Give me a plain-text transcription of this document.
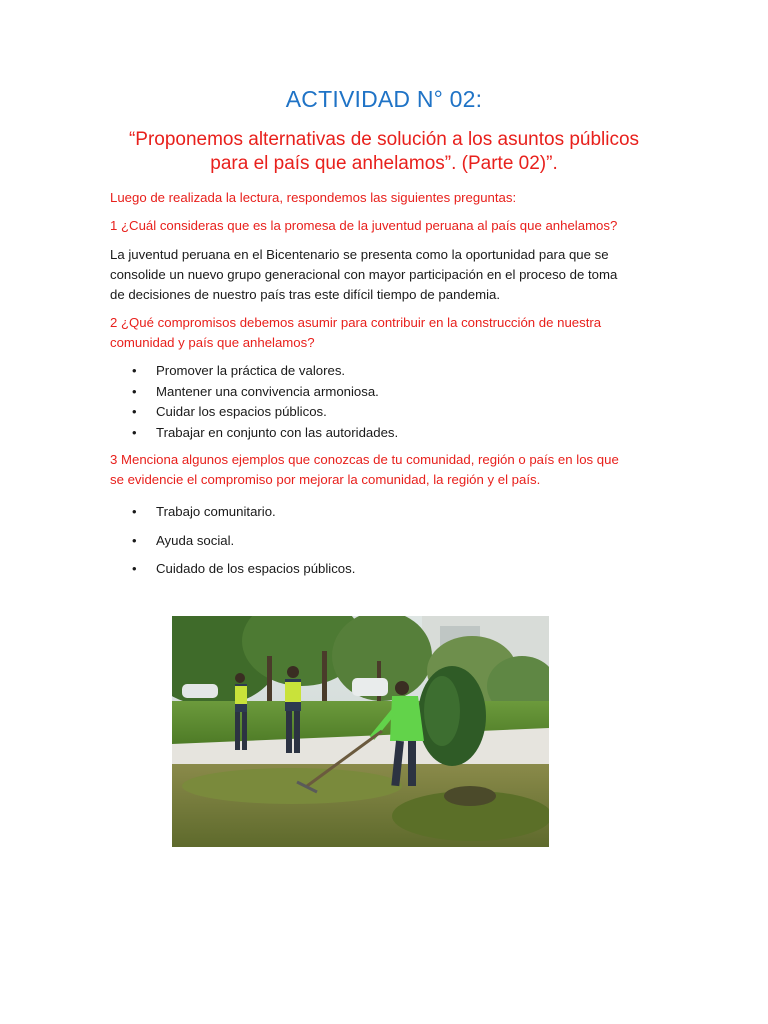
ACTIVIDAD N° 02:
“Proponemos alternativas de solución a los asuntos públicos
para el país que anhelamos”. (Parte 02)”.

Luego de realizada la lectura, respondemos las siguientes preguntas:

1 ¿Cuál consideras que es la promesa de la juventud peruana al país que anhelamos?

La juventud peruana en el Bicentenario se presenta como la oportunidad para que se
consolide un nuevo grupo generacional con mayor participación en el proceso de toma
de decisiones de nuestro país tras este difícil tiempo de pandemia.
2 ¿Qué compromisos debemos asumir para contribuir en la construcción de nuestra
comunidad y país que anhelamos?
• Promover la práctica de valores.
• Mantener una convivencia armoniosa.
• Cuidar los espacios públicos.
• Trabajar en conjunto con las autoridades.
3 Menciona algunos ejemplos que conozcas de tu comunidad, región o país en los que
se evidencie el compromiso por mejorar la comunidad, la región y el país.
• Trabajo comunitario.
• Ayuda social.
• Cuidado de los espacios públicos.
